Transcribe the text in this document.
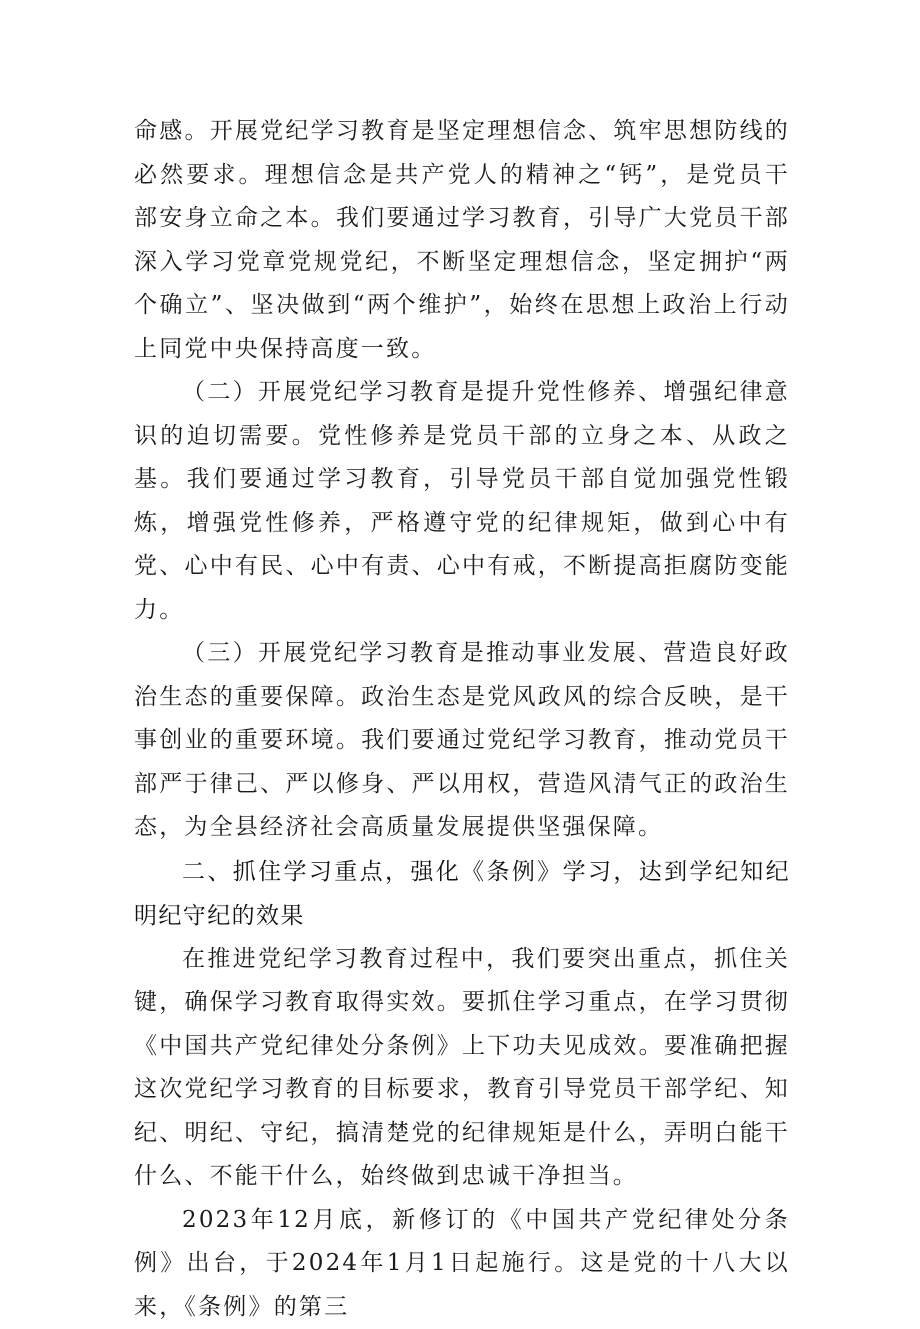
命感。开展党纪学习教育是坚定理想信念、筑牢思想防线的必然要求。理想信念是共产党人的精神之“钙”，是党员干部安身立命之本。我们要通过学习教育，引导广大党员干部深入学习党章党规党纪，不断坚定理想信念，坚定拥护“两个确立”、坚决做到“两个维护”，始终在思想上政治上行动上同党中央保持高度一致。

（二）开展党纪学习教育是提升党性修养、增强纪律意识的迫切需要。党性修养是党员干部的立身之本、从政之基。我们要通过学习教育，引导党员干部自觉加强党性锻炼，增强党性修养，严格遵守党的纪律规矩，做到心中有党、心中有民、心中有责、心中有戒，不断提高拒腐防变能力。

（三）开展党纪学习教育是推动事业发展、营造良好政治生态的重要保障。政治生态是党风政风的综合反映，是干事创业的重要环境。我们要通过党纪学习教育，推动党员干部严于律己、严以修身、严以用权，营造风清气正的政治生态，为全县经济社会高质量发展提供坚强保障。

二、抓住学习重点，强化《条例》学习，达到学纪知纪明纪守纪的效果

在推进党纪学习教育过程中，我们要突出重点，抓住关键，确保学习教育取得实效。要抓住学习重点，在学习贯彻《中国共产党纪律处分条例》上下功夫见成效。要准确把握这次党纪学习教育的目标要求，教育引导党员干部学纪、知纪、明纪、守纪，搞清楚党的纪律规矩是什么，弄明白能干什么、不能干什么，始终做到忠诚干净担当。

2023年12月底，新修订的《中国共产党纪律处分条例》出台，于2024年1月1日起施行。这是党的十八大以来，《条例》的第三
